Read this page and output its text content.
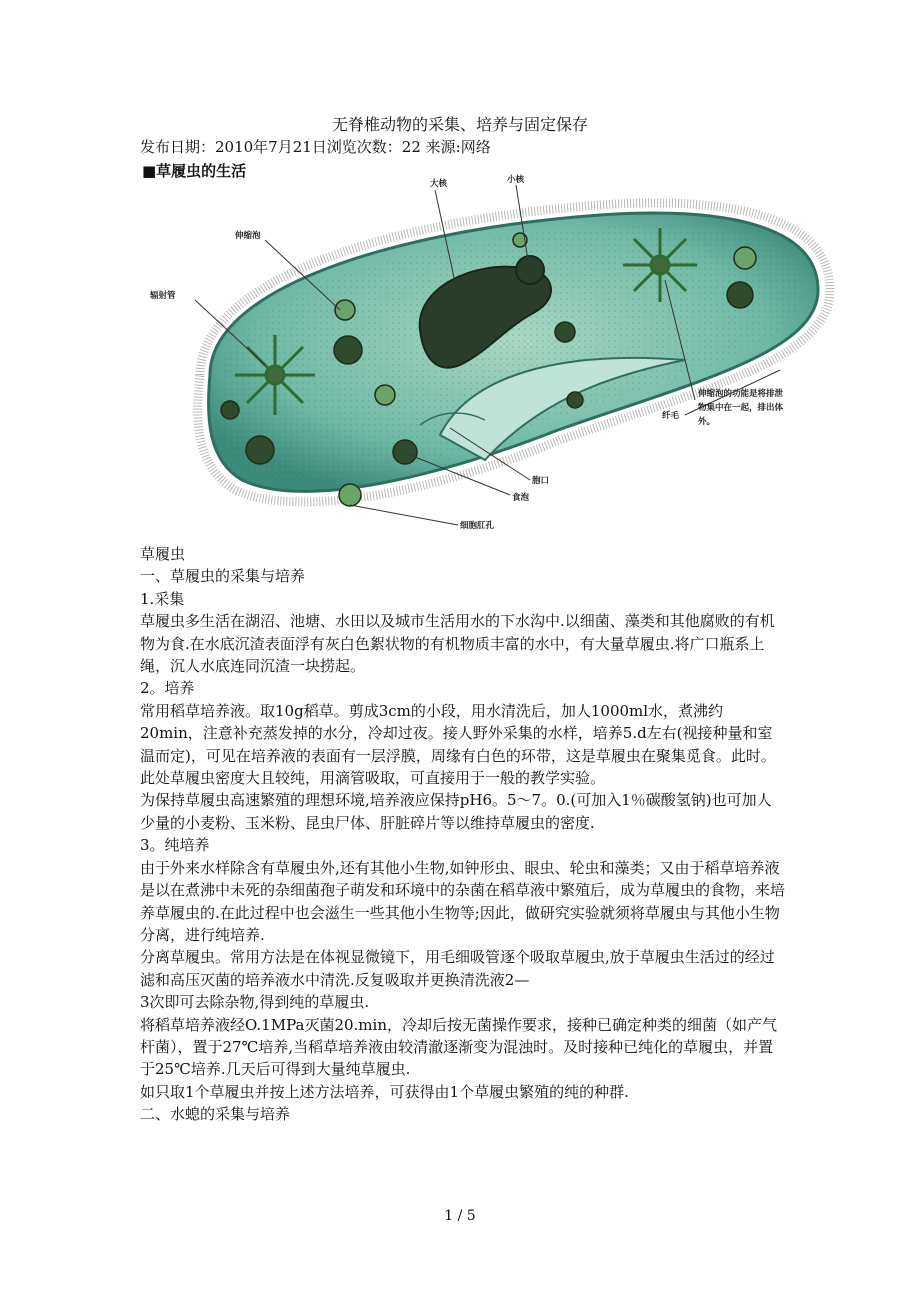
无脊椎动物的采集、培养与固定保存
发布日期：2010年7月21日浏览次数：22 来源:网络
■草履虫的生活
大核	小核
伸缩泡
辐射管
伸缩泡的功能是将排泄
物集中在一起，排出体
外。
纤毛
胞口
食泡
细胞肛孔

草履虫

一、草履虫的采集与培养

1.采集

草履虫多生活在湖沼、池塘、水田以及城市生活用水的下水沟中.以细菌、藻类和其他腐败的有机物为食.在水底沉渣表面浮有灰白色絮状物的有机物质丰富的水中，有大量草履虫.将广口瓶系上绳，沉人水底连同沉渣一块捞起。

2。培养

常用稻草培养液。取10g稻草。剪成3cm的小段，用水清洗后，加人1000ml水，煮沸约20min，注意补充蒸发掉的水分，冷却过夜。接人野外采集的水样，培养5.d左右(视接种量和室温而定)，可见在培养液的表面有一层浮膜，周缘有白色的环带，这是草履虫在聚集觅食。此时。此处草履虫密度大且较纯，用滴管吸取，可直接用于一般的教学实验。

为保持草履虫高速繁殖的理想环境,培养液应保持pH6。5～7。0.(可加入1％碳酸氢钠)也可加人少量的小麦粉、玉米粉、昆虫尸体、肝脏碎片等以维持草履虫的密度.

3。纯培养

由于外来水样除含有草履虫外,还有其他小生物,如钟形虫、眼虫、轮虫和藻类；又由于稻草培养液是以在煮沸中未死的杂细菌孢子萌发和环境中的杂菌在稻草液中繁殖后，成为草履虫的食物，来培养草履虫的.在此过程中也会滋生一些其他小生物等;因此，做研究实验就须将草履虫与其他小生物分离，进行纯培养.

分离草履虫。常用方法是在体视显微镜下，用毛细吸管逐个吸取草履虫,放于草履虫生活过的经过滤和高压灭菌的培养液水中清洗.反复吸取并更换清洗液2—

3次即可去除杂物,得到纯的草履虫.

将稻草培养液经O.1MPa灭菌20.min，冷却后按无菌操作要求，接种已确定种类的细菌（如产气杆菌），置于27℃培养,当稻草培养液由较清澈逐渐变为混浊时。及时接种已纯化的草履虫，并置于25℃培养.几天后可得到大量纯草履虫.

如只取1个草履虫并按上述方法培养，可获得由1个草履虫繁殖的纯的种群.

二、水螅的采集与培养

1 / 5
